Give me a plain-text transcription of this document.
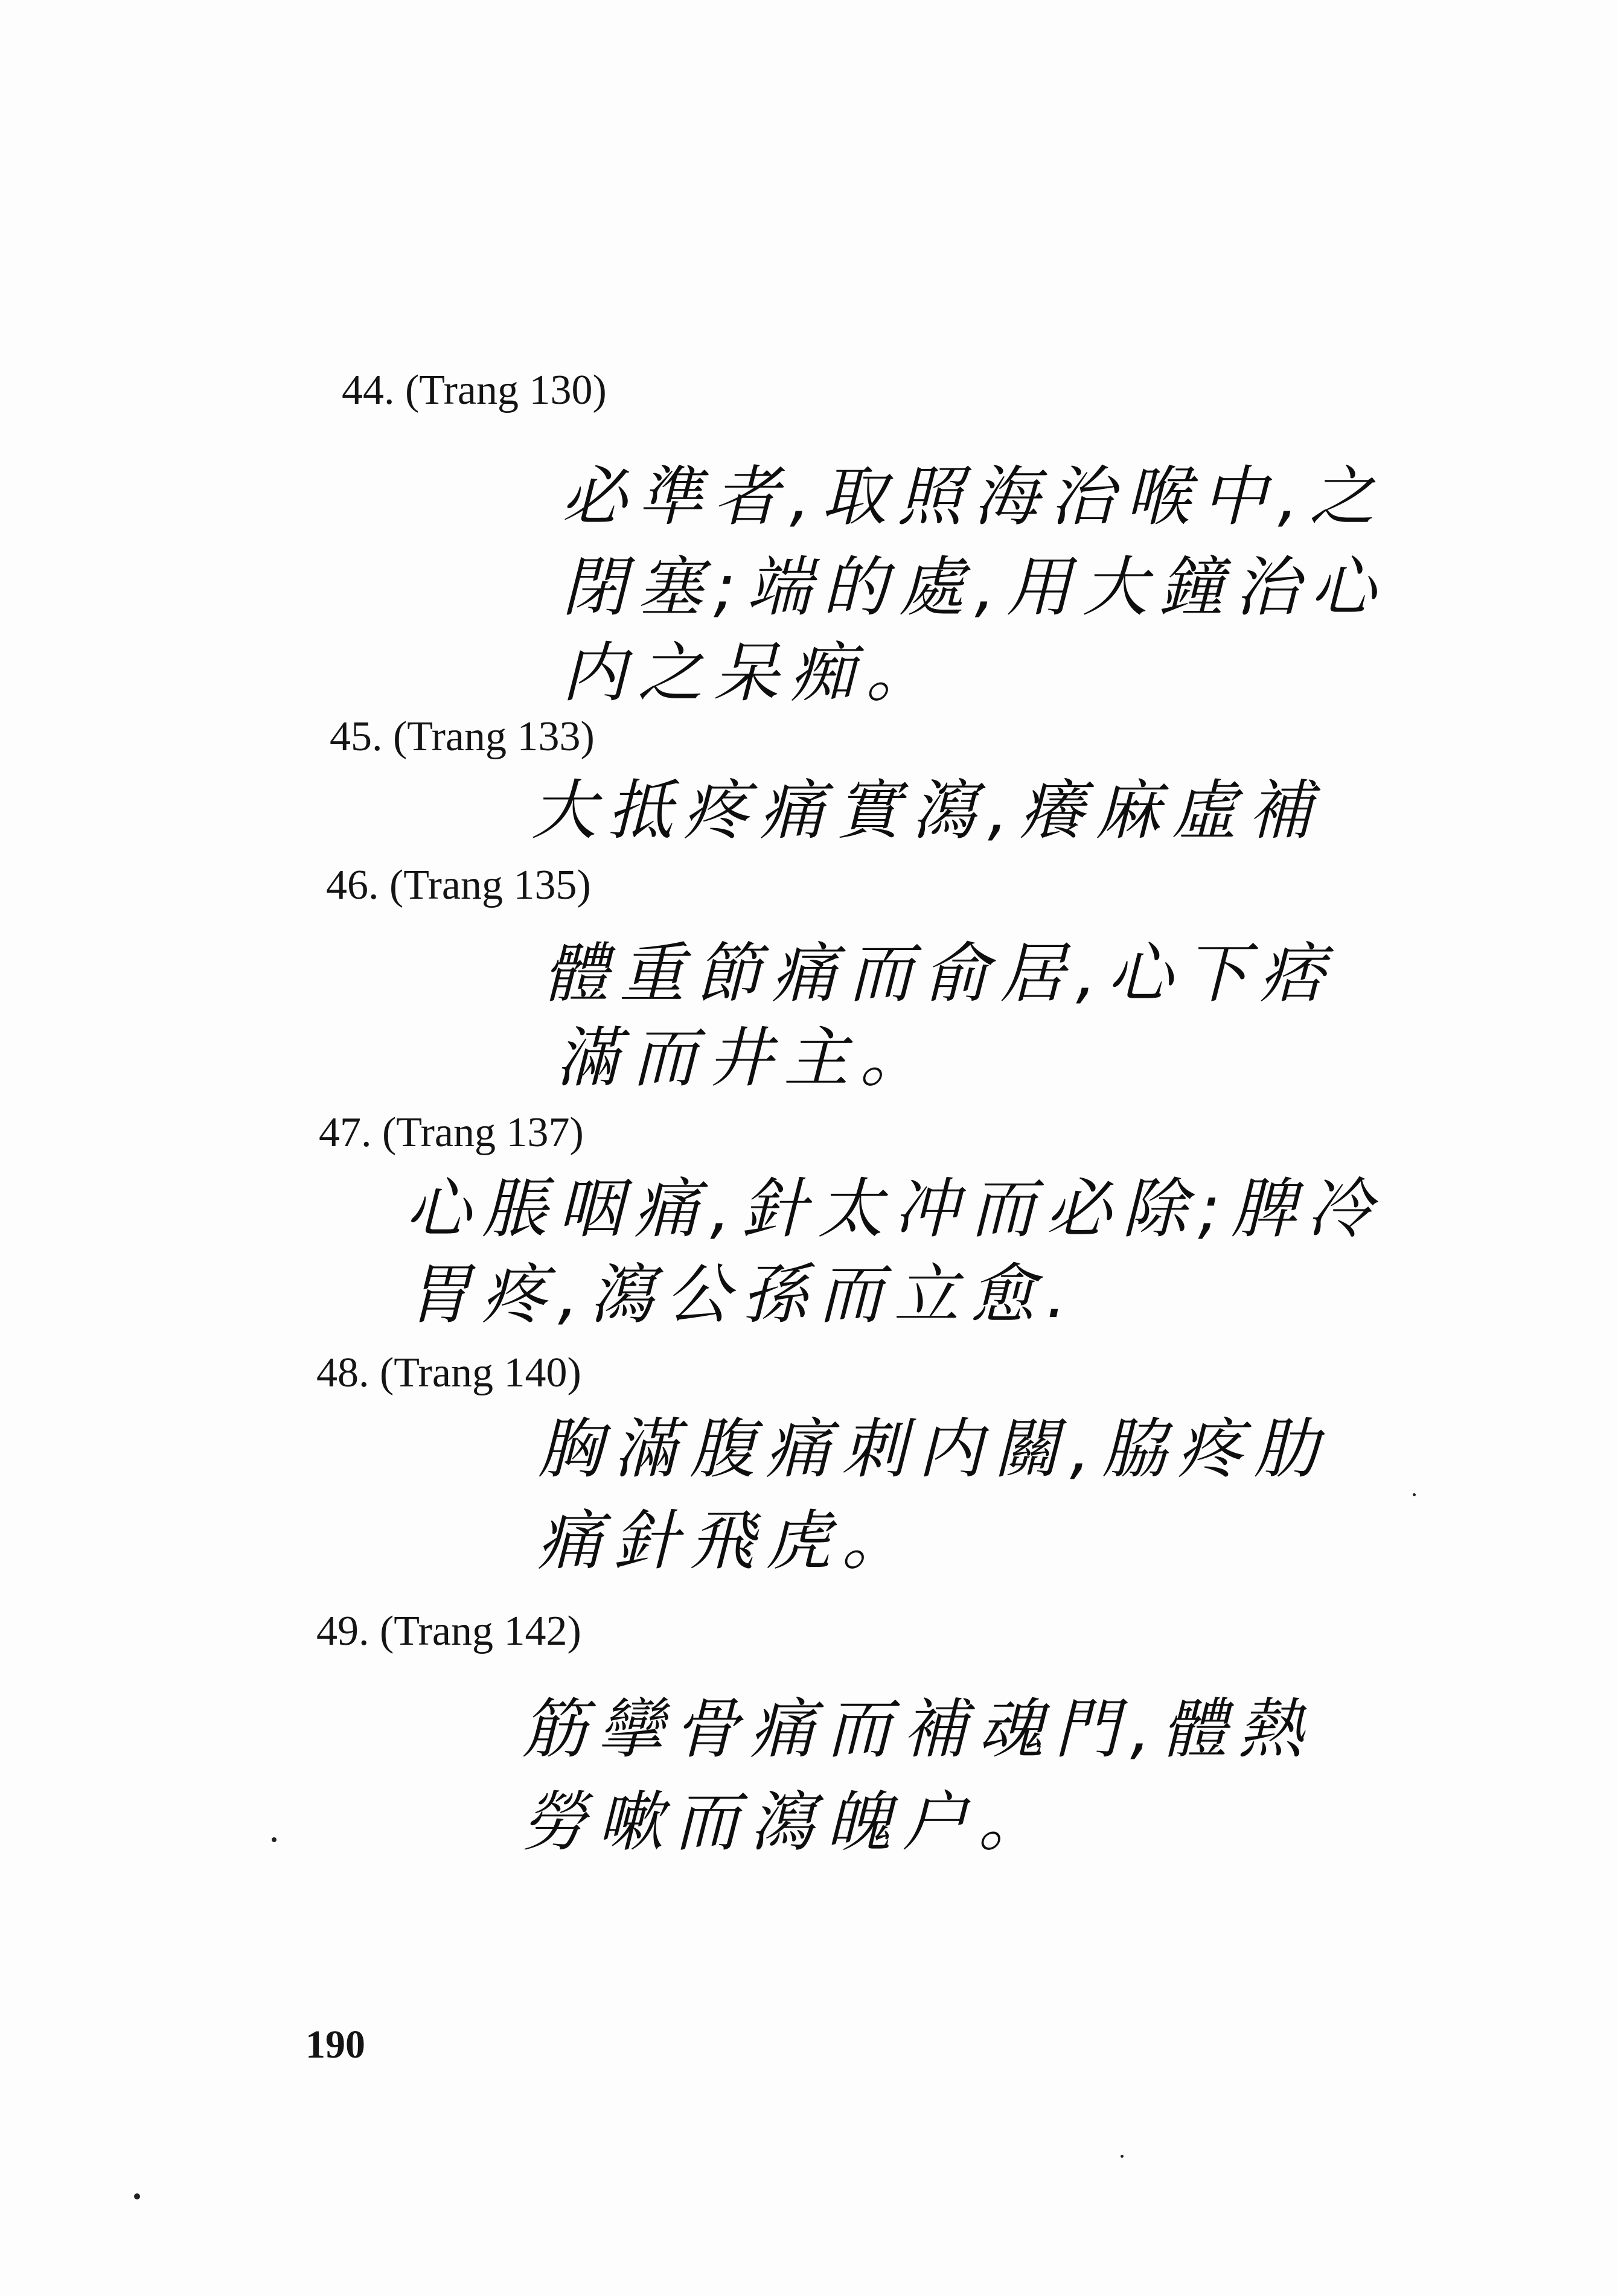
44. (Trang 130)
必準者,取照海治喉中,之
閉塞;端的處,用大鐘治心
内之呆痴。
45. (Trang 133)
大抵疼痛實瀉,癢麻虛補
46. (Trang 135)
體重節痛而俞居,心下痞
滿而井主。
47. (Trang 137)
心脹咽痛,針太冲而必除;脾冷
胃疼,瀉公孫而立愈.
48. (Trang 140)
胸滿腹痛刺内關,脇疼肋
痛針飛虎。
49. (Trang 142)
筋攣骨痛而補魂門,體熱
勞嗽而瀉魄户。
190
